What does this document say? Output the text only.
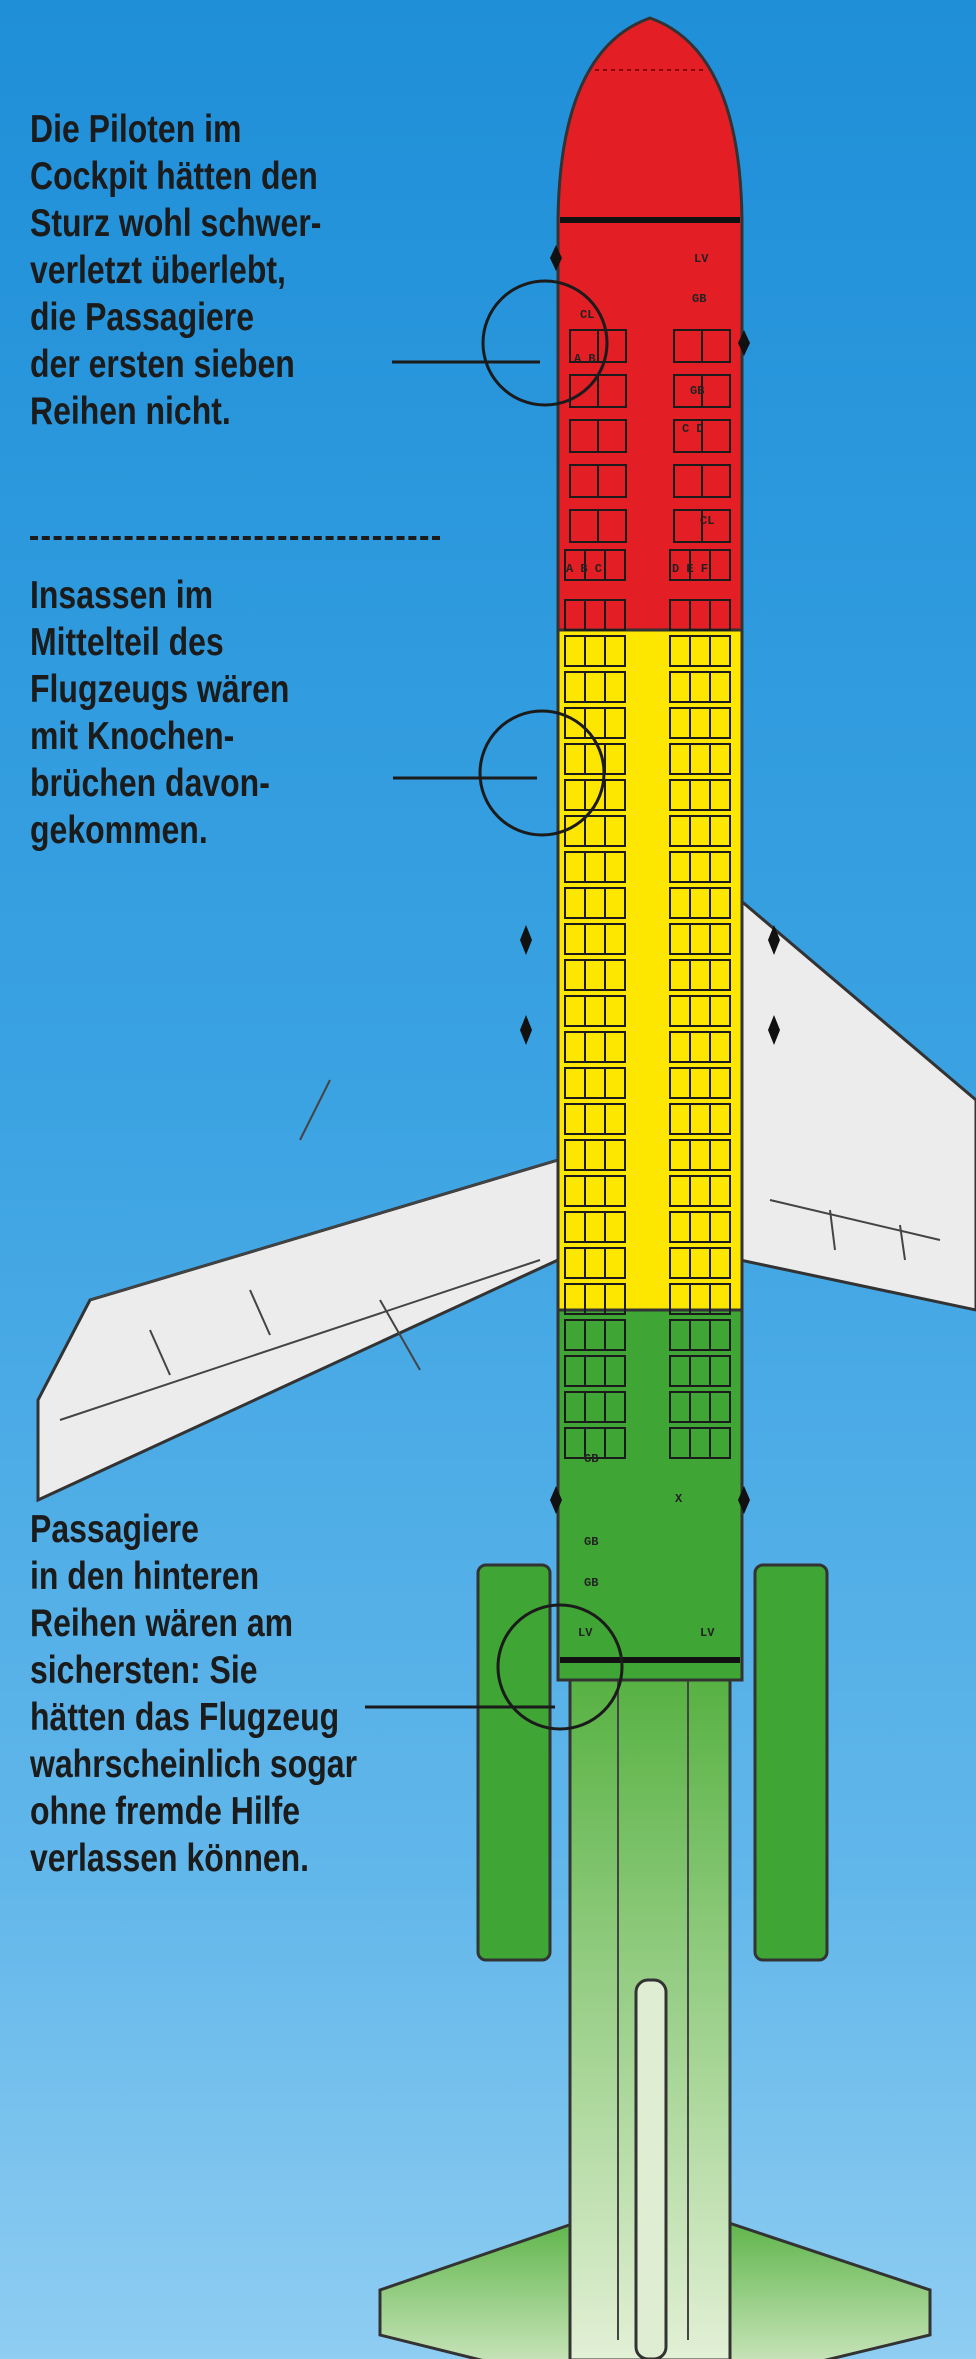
LV
GB
CL
A B
GB
C D
CL
A B C	D E F
GB
X
GB
GB
LV	LV

Die Piloten im
Cockpit hätten den
Sturz wohl schwer-
verletzt überlebt,
die Passagiere
der ersten sieben
Reihen nicht.

Insassen im
Mittelteil des
Flugzeugs wären
mit Knochen-
brüchen davon-
gekommen.

Passagiere
in den hinteren
Reihen wären am
sichersten: Sie
hätten das Flugzeug
wahrscheinlich sogar
ohne fremde Hilfe
verlassen können.
